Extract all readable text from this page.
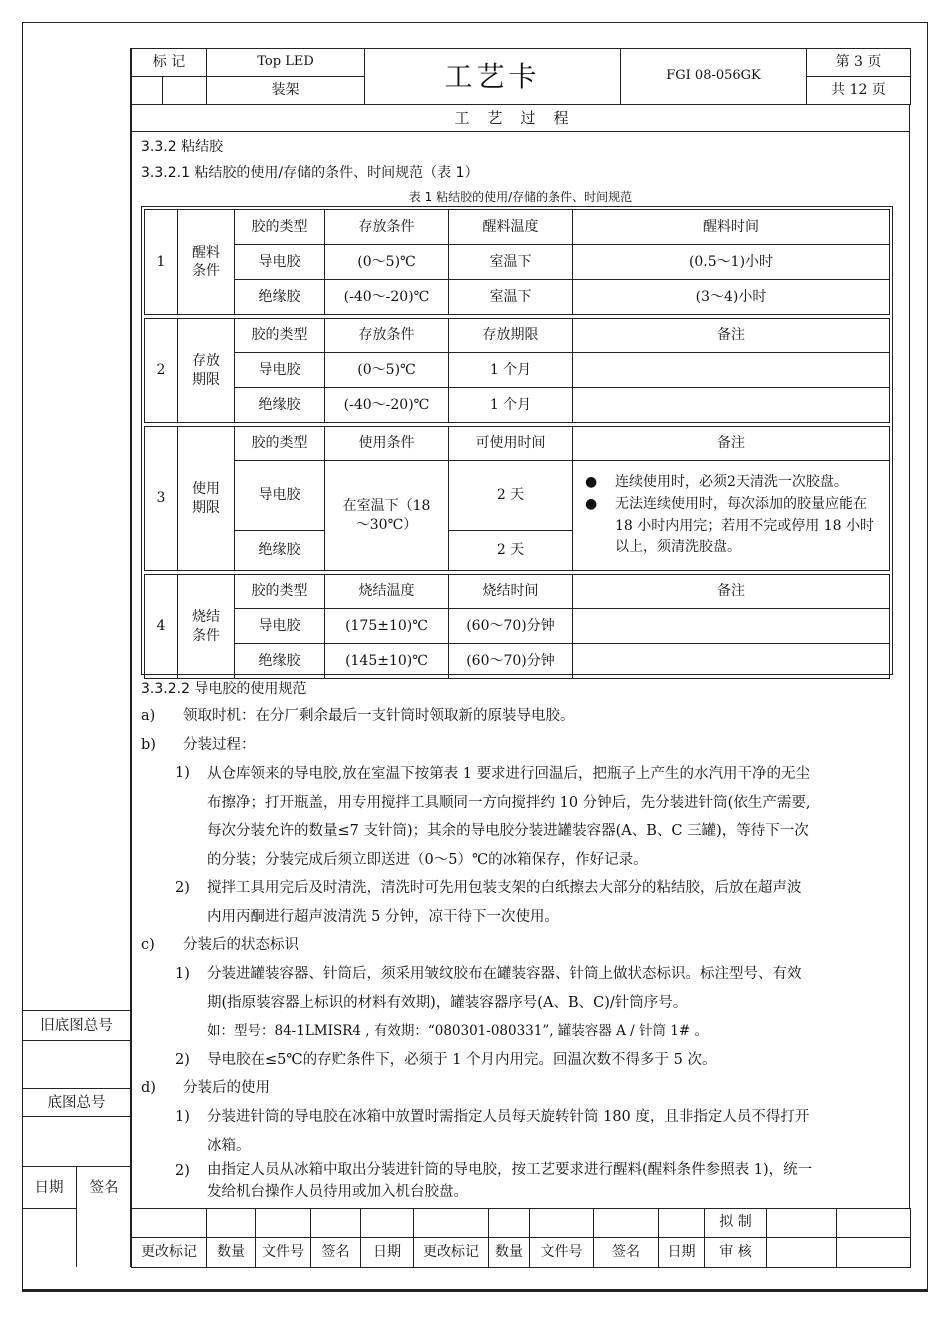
标 记		Top LED	工艺卡	FGI 08-056GK	第 3 页
		装架			共 12 页
工艺过程
3.3.2 粘结胶
3.3.2.1 粘结胶的使用/存储的条件、时间规范（表 1）
表 1 粘结胶的使用/存储的条件、时间规范
1	醒料条件	胶的类型	存放条件	醒料温度	醒料时间
		导电胶	(0～5)℃	室温下	(0.5～1)小时
		绝缘胶	(-40～-20)℃	室温下	(3～4)小时

2	存放期限	胶的类型	存放条件	存放期限	备注
		导电胶	(0～5)℃	1 个月	
		绝缘胶	(-40～-20)℃	1 个月	

3	使用期限	胶的类型	使用条件	可使用时间	备注
		导电胶	在室温下（18～30℃）	2 天	● 连续使用时，必须2天清洗一次胶盘。
● 无法连续使用时，每次添加的胶量应能在 18 小时内用完；若用不完或停用 18 小时以上，须清洗胶盘。

		绝缘胶		2 天	

4	烧结条件	胶的类型	烧结温度	烧结时间	备注
		导电胶	(175±10)℃	(60～70)分钟	
		绝缘胶	(145±10)℃	(60～70)分钟	
3.3.2.2 导电胶的使用规范
a) 领取时机：在分厂剩余最后一支针筒时领取新的原装导电胶。
b) 分装过程：
1) 从仓库领来的导电胶,放在室温下按第表 1 要求进行回温后，把瓶子上产生的水汽用干净的无尘
布擦净；打开瓶盖，用专用搅拌工具顺同一方向搅拌约 10 分钟后，先分装进针筒(依生产需要,
每次分装允许的数量≤7 支针筒)；其余的导电胶分装进罐装容器(A、B、C 三罐)，等待下一次
的分装；分装完成后须立即送进（0～5）℃的冰箱保存，作好记录。
2) 搅拌工具用完后及时清洗，清洗时可先用包装支架的白纸擦去大部分的粘结胶，后放在超声波
内用丙酮进行超声波清洗 5 分钟，凉干待下一次使用。
c) 分装后的状态标识
1) 分装进罐装容器、针筒后，须采用皱纹胶布在罐装容器、针筒上做状态标识。标注型号、有效
期(指原装容器上标识的材料有效期)，罐装容器序号(A、B、C)/针筒序号。
如：型号：84-1LMISR4 , 有效期：“080301-080331”, 罐装容器 A / 针筒 1# 。
2) 导电胶在≤5℃的存贮条件下，必须于 1 个月内用完。回温次数不得多于 5 次。
d) 分装后的使用
1) 分装进针筒的导电胶在冰箱中放置时需指定人员每天旋转针筒 180 度，且非指定人员不得打开
冰箱。
2) 由指定人员从冰箱中取出分装进针筒的导电胶，按工艺要求进行醒料(醒料条件参照表 1)，统一
发给机台操作人员待用或加入机台胶盘。
旧底图总号
底图总号
日期	签名
										拟 制		
更改标记	数量	文件号	签名	日期	更改标记	数量	文件号	签名	日期	审 核		
